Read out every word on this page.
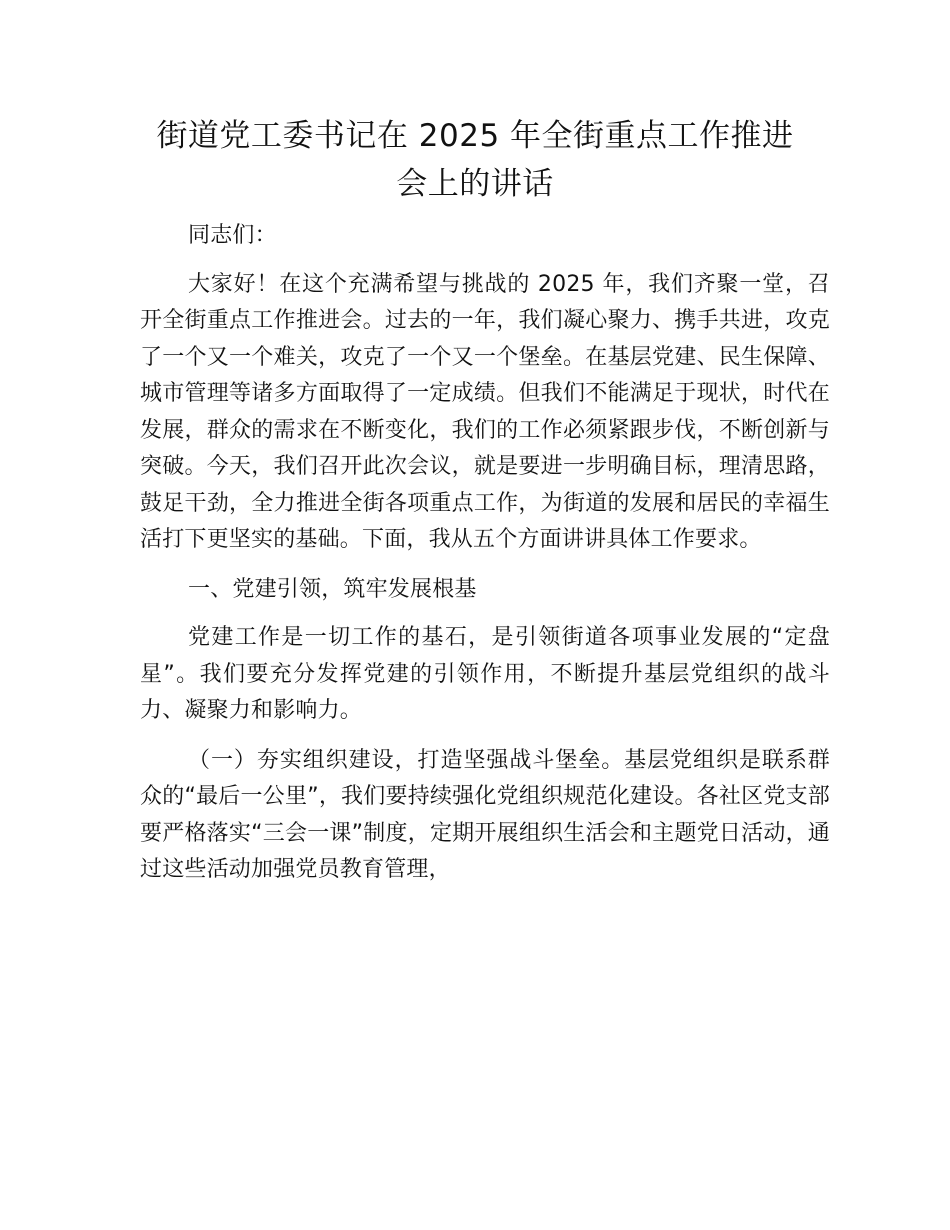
街道党工委书记在 2025 年全街重点工作推进
会上的讲话

同志们：

大家好！在这个充满希望与挑战的 2025 年，我们齐聚一堂，召开全街重点工作推进会。过去的一年，我们凝心聚力、携手共进，攻克了一个又一个难关，攻克了一个又一个堡垒。在基层党建、民生保障、城市管理等诸多方面取得了一定成绩。但我们不能满足于现状，时代在发展，群众的需求在不断变化，我们的工作必须紧跟步伐，不断创新与突破。今天，我们召开此次会议，就是要进一步明确目标，理清思路，鼓足干劲，全力推进全街各项重点工作，为街道的发展和居民的幸福生活打下更坚实的基础。下面，我从五个方面讲讲具体工作要求。

一、党建引领，筑牢发展根基

党建工作是一切工作的基石，是引领街道各项事业发展的“定盘星”。我们要充分发挥党建的引领作用，不断提升基层党组织的战斗力、凝聚力和影响力。

（一）夯实组织建设，打造坚强战斗堡垒。基层党组织是联系群众的“最后一公里”，我们要持续强化党组织规范化建设。各社区党支部要严格落实“三会一课”制度，定期开展组织生活会和主题党日活动，通过这些活动加强党员教育管理，
